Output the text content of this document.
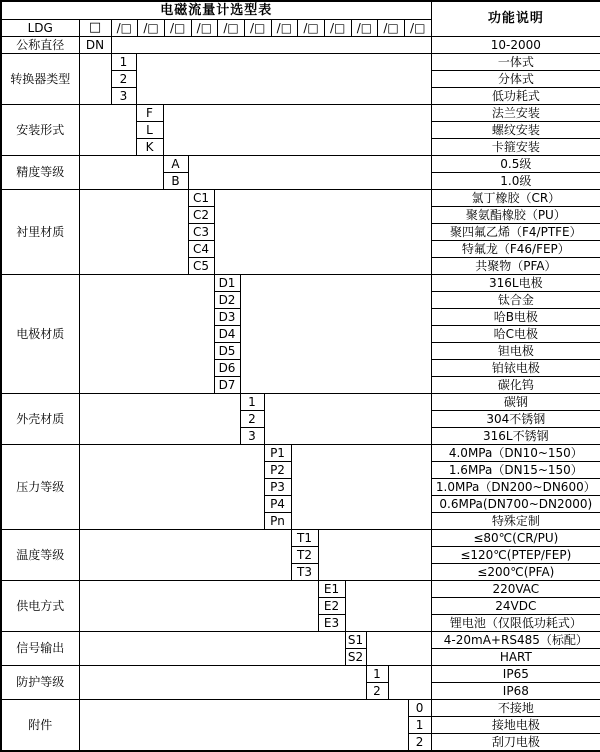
电磁流量计选型表															功能说明
LDG	□	/□ /□ /□ /□ /□ /□ /□ /□ /□ /□ /□ /□

公称直径	DN														10-2000
转换器类型		1													一体式
		2													分体式
		3													低功耗式
安装形式			F												法兰安装
			L												螺纹安装
			K												卡箍安装
精度等级				A											0.5级
				B											1.0级
衬里材质					C1										氯丁橡胶（CR）
					C2										聚氨酯橡胶（PU）
					C3										聚四氟乙烯（F4/PTFE）
					C4										特氟龙（F46/FEP）
					C5										共聚物（PFA）
电极材质						D1									316L电极
						D2									钛合金
						D3									哈B电极
						D4									哈C电极
						D5									钽电极
						D6									铂铱电极
						D7									碳化钨
外壳材质							1								碳钢
							2								304不锈钢
							3								316L不锈钢
压力等级								P1							4.0MPa（DN10~150）
								P2							1.6MPa（DN15~150）
								P3							1.0MPa（DN200~DN600）
								P4							0.6MPa(DN700~DN2000)
								Pn							特殊定制
温度等级									T1						≤80℃(CR/PU)
									T2						≤120℃(PTEP/FEP)
									T3						≤200℃(PFA)
供电方式										E1					220VAC
										E2					24VDC
										E3					锂电池（仅限低功耗式）
信号输出											S1				4-20mA+RS485（标配）
											S2				HART
防护等级												1			IP65
												2			IP68
附件														0	不接地
														1	接地电极
														2	刮刀电极
